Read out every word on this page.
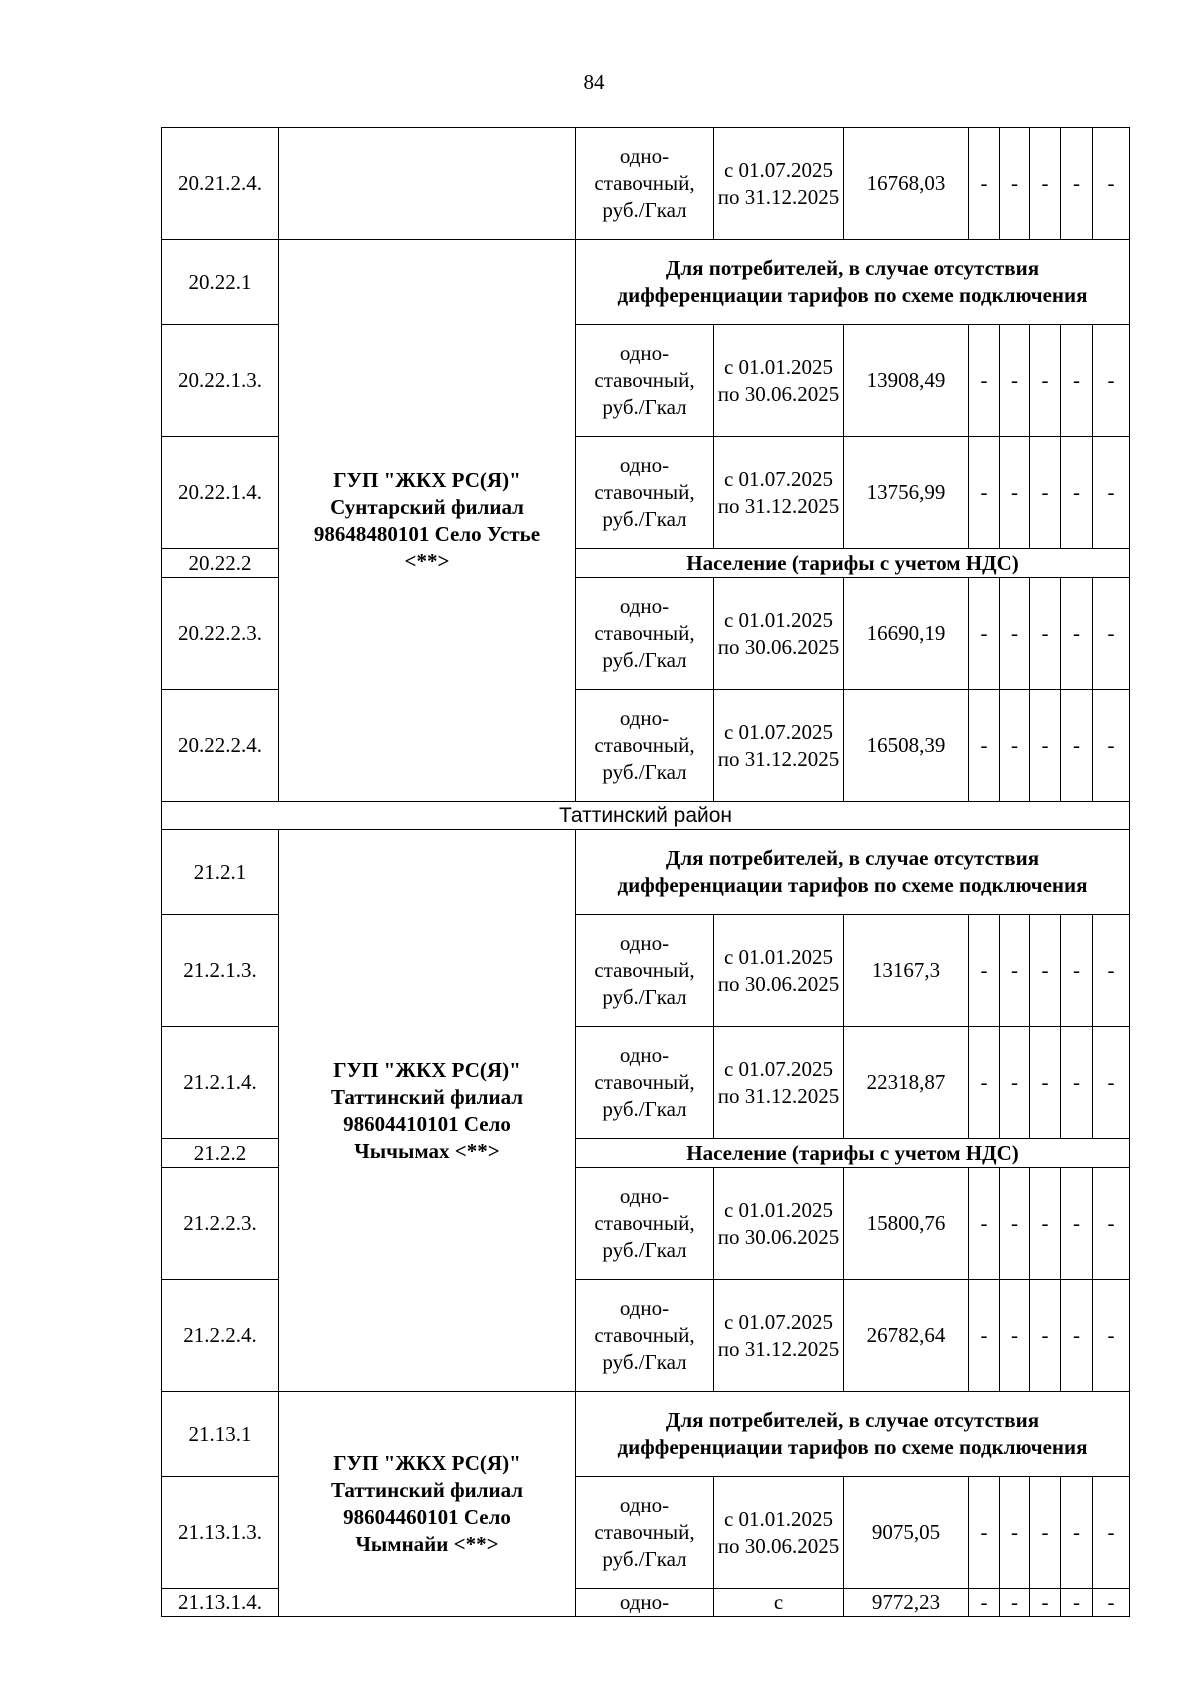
84
20.21.2.4.		одно-ставочный, руб./Гкал	с 01.07.2025 по 31.12.2025	16768,03	-	-	-	-	-
20.22.1	ГУП "ЖКХ РС(Я)" Сунтарский филиал 98648480101 Село Устье <**>	Для потребителей, в случае отсутствия дифференциации тарифов по схеме подключения							
20.22.1.3.		одно-ставочный, руб./Гкал	с 01.01.2025 по 30.06.2025	13908,49	-	-	-	-	-
20.22.1.4.		одно-ставочный, руб./Гкал	с 01.07.2025 по 31.12.2025	13756,99	-	-	-	-	-
20.22.2		Население (тарифы с учетом НДС)							
20.22.2.3.		одно-ставочный, руб./Гкал	с 01.01.2025 по 30.06.2025	16690,19	-	-	-	-	-
20.22.2.4.		одно-ставочный, руб./Гкал	с 01.07.2025 по 31.12.2025	16508,39	-	-	-	-	-
Таттинский район									
21.2.1	ГУП "ЖКХ РС(Я)" Таттинский филиал 98604410101 Село Чычымах <**>	Для потребителей, в случае отсутствия дифференциации тарифов по схеме подключения							
21.2.1.3.		одно-ставочный, руб./Гкал	с 01.01.2025 по 30.06.2025	13167,3	-	-	-	-	-
21.2.1.4.		одно-ставочный, руб./Гкал	с 01.07.2025 по 31.12.2025	22318,87	-	-	-	-	-
21.2.2		Население (тарифы с учетом НДС)							
21.2.2.3.		одно-ставочный, руб./Гкал	с 01.01.2025 по 30.06.2025	15800,76	-	-	-	-	-
21.2.2.4.		одно-ставочный, руб./Гкал	с 01.07.2025 по 31.12.2025	26782,64	-	-	-	-	-
21.13.1	ГУП "ЖКХ РС(Я)" Таттинский филиал 98604460101 Село Чымнайи <**>	Для потребителей, в случае отсутствия дифференциации тарифов по схеме подключения							
21.13.1.3.		одно-ставочный, руб./Гкал	с 01.01.2025 по 30.06.2025	9075,05	-	-	-	-	-
21.13.1.4.		одно-	с	9772,23	-	-	-	-	-
